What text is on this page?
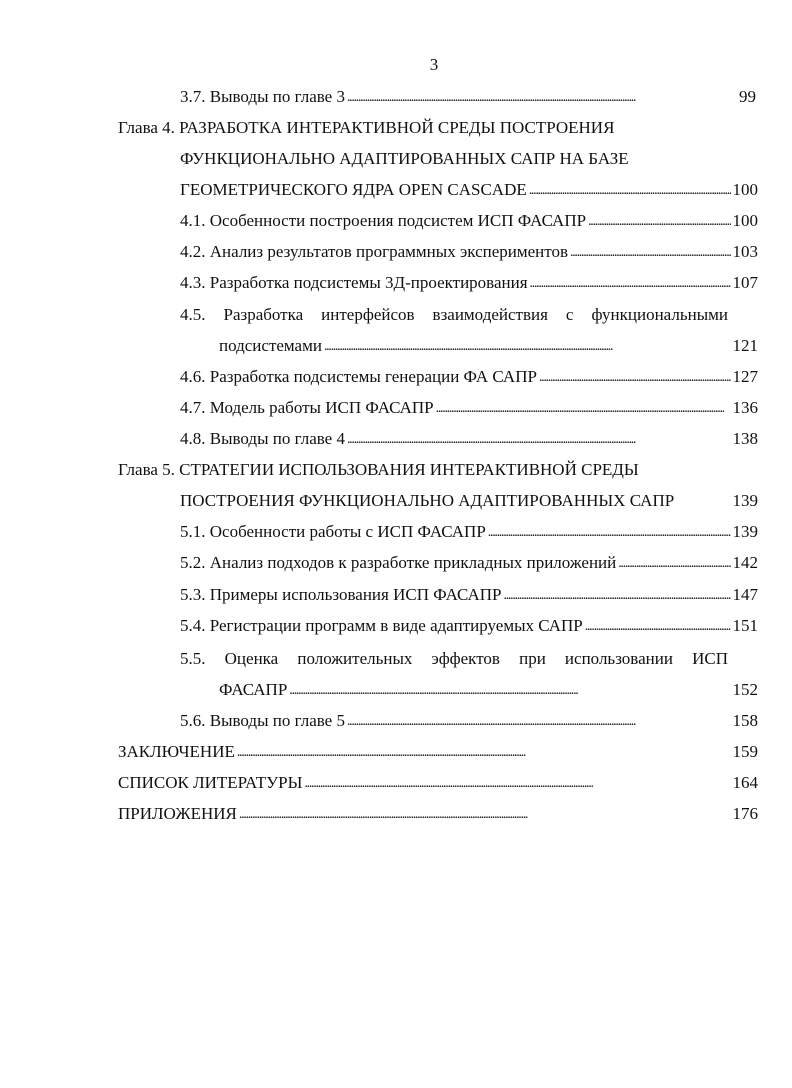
3
3.7. Выводы по главе 3 . . .	99
Глава 4. РАЗРАБОТКА ИНТЕРАКТИВНОЙ СРЕДЫ ПОСТРОЕНИЯ
ФУНКЦИОНАЛЬНО АДАПТИРОВАННЫХ САПР НА БАЗЕ
ГЕОМЕТРИЧЕСКОГО ЯДРА OPEN CASCADE . . .	100
4.1. Особенности построения подсистем ИСП ФАСАПР . . .	100
4.2. Анализ результатов программных экспериментов . . .	103
4.3. Разработка подсистемы 3Д-проектирования . . .	107
4.5. Разработка интерфейсов взаимодействия с функциональными
подсистемами . . .	121
4.6. Разработка подсистемы генерации ФА САПР . . .	127
4.7. Модель работы ИСП ФАСАПР . . .	136
4.8. Выводы по главе 4 . . .	138
Глава 5. СТРАТЕГИИ ИСПОЛЬЗОВАНИЯ ИНТЕРАКТИВНОЙ СРЕДЫ
ПОСТРОЕНИЯ ФУНКЦИОНАЛЬНО АДАПТИРОВАННЫХ САПР	139
5.1. Особенности работы с ИСП ФАСАПР . . .	139
5.2. Анализ подходов к разработке прикладных приложений . . .	142
5.3. Примеры использования ИСП ФАСАПР . . .	147
5.4. Регистрации программ в виде адаптируемых САПР . . .	151
5.5. Оценка положительных эффектов при использовании ИСП
ФАСАПР . . .	152
5.6. Выводы по главе 5 . . .	158
ЗАКЛЮЧЕНИЕ . . .	159
СПИСОК ЛИТЕРАТУРЫ . . .	164
ПРИЛОЖЕНИЯ . . .	176
